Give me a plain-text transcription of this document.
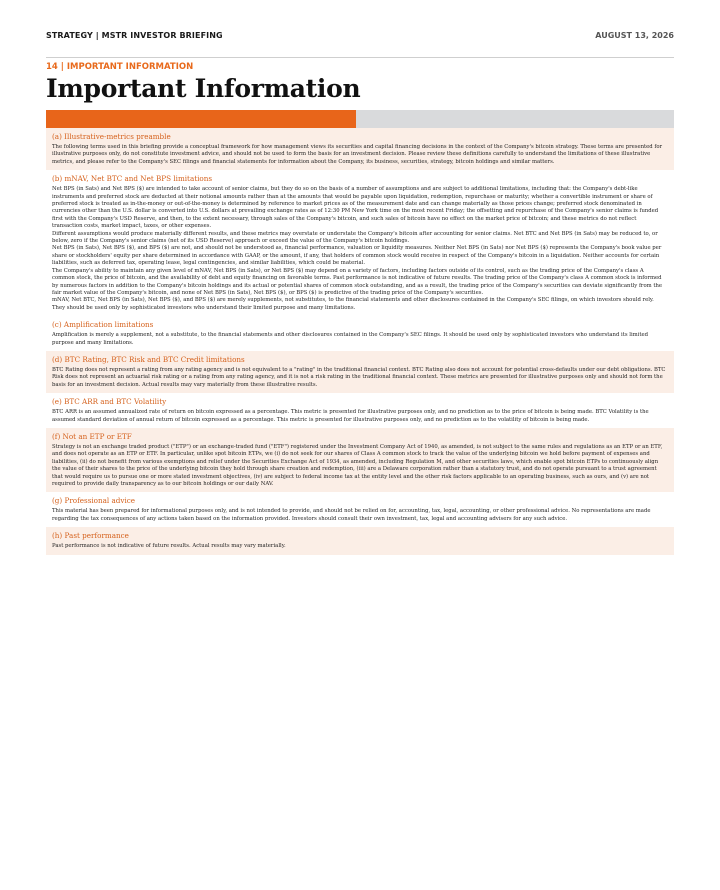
STRATEGY | MSTR INVESTOR BRIEFING	AUGUST 13, 2026
14 | IMPORTANT INFORMATION
Important Information
(a) Illustrative-metrics preamble

The following terms used in this briefing provide a conceptual framework for how management views its securities and capital financing decisions in the context of the Company's bitcoin strategy. These terms are presented for illustrative purposes only, do not constitute investment advice, and should not be used to form the basis for an investment decision. Please review these definitions carefully to understand the limitations of these illustrative metrics, and please refer to the Company's SEC filings and financial statements for information about the Company, its business, securities, strategy, bitcoin holdings and similar matters.

(b) mNAV, Net BTC and Net BPS limitations

Net BPS (in Sats) and Net BPS ($) are intended to take account of senior claims, but they do so on the basis of a number of assumptions and are subject to additional limitations, including that: the Company's debt-like instruments and preferred stock are deducted at their notional amounts rather than at the amounts that would be payable upon liquidation, redemption, repurchase or maturity; whether a convertible instrument or share of preferred stock is treated as in-the-money or out-of-the-money is determined by reference to market prices as of the measurement date and can change materially as those prices change; preferred stock denominated in currencies other than the U.S. dollar is converted into U.S. dollars at prevailing exchange rates as of 12:30 PM New York time on the most recent Friday; the offsetting and repurchase of the Company's senior claims is funded first with the Company's USD Reserve, and then, to the extent necessary, through sales of the Company's bitcoin, and such sales of bitcoin have no effect on the market price of bitcoin; and these metrics do not reflect transaction costs, market impact, taxes, or other expenses.

Different assumptions would produce materially different results, and these metrics may overstate or understate the Company's bitcoin after accounting for senior claims. Net BTC and Net BPS (in Sats) may be reduced to, or below, zero if the Company's senior claims (net of its USD Reserve) approach or exceed the value of the Company's bitcoin holdings.

Net BPS (in Sats), Net BPS ($), and BPS ($) are not, and should not be understood as, financial performance, valuation or liquidity measures. Neither Net BPS (in Sats) nor Net BPS ($) represents the Company's book value per share or stockholders' equity per share determined in accordance with GAAP, or the amount, if any, that holders of common stock would receive in respect of the Company's bitcoin in a liquidation. Neither accounts for certain liabilities, such as deferred tax, operating lease, legal contingencies, and similar liabilities, which could be material.

The Company's ability to maintain any given level of mNAV, Net BPS (in Sats), or Net BPS ($) may depend on a variety of factors, including factors outside of its control, such as the trading price of the Company's class A common stock, the price of bitcoin, and the availability of debt and equity financing on favorable terms. Past performance is not indicative of future results. The trading price of the Company's class A common stock is informed by numerous factors in addition to the Company's bitcoin holdings and its actual or potential shares of common stock outstanding, and as a result, the trading price of the Company's securities can deviate significantly from the fair market value of the Company's bitcoin, and none of Net BPS (in Sats), Net BPS ($), or BPS ($) is predictive of the trading price of the Company's securities.

mNAV, Net BTC, Net BPS (in Sats), Net BPS ($), and BPS ($) are merely supplements, not substitutes, to the financial statements and other disclosures contained in the Company's SEC filings, on which investors should rely. They should be used only by sophisticated investors who understand their limited purpose and many limitations.

(c) Amplification limitations

Amplification is merely a supplement, not a substitute, to the financial statements and other disclosures contained in the Company's SEC filings. It should be used only by sophisticated investors who understand its limited purpose and many limitations.

(d) BTC Rating, BTC Risk and BTC Credit limitations

BTC Rating does not represent a rating from any rating agency and is not equivalent to a "rating" in the traditional financial context. BTC Rating also does not account for potential cross-defaults under our debt obligations. BTC Risk does not represent an actuarial risk rating or a rating from any rating agency, and it is not a risk rating in the traditional financial context. These metrics are presented for illustrative purposes only and should not form the basis for an investment decision. Actual results may vary materially from these illustrative results.

(e) BTC ARR and BTC Volatility

BTC ARR is an assumed annualized rate of return on bitcoin expressed as a percentage. This metric is presented for illustrative purposes only, and no prediction as to the price of bitcoin is being made. BTC Volatility is the assumed standard deviation of annual return of bitcoin expressed as a percentage. This metric is presented for illustrative purposes only, and no prediction as to the volatility of bitcoin is being made.

(f) Not an ETP or ETF

Strategy is not an exchange traded product ("ETP") or an exchange-traded fund ("ETF") registered under the Investment Company Act of 1940, as amended, is not subject to the same rules and regulations as an ETP or an ETF, and does not operate as an ETP or ETF. In particular, unlike spot bitcoin ETPs, we (i) do not seek for our shares of Class A common stock to track the value of the underlying bitcoin we hold before payment of expenses and liabilities, (ii) do not benefit from various exemptions and relief under the Securities Exchange Act of 1934, as amended, including Regulation M, and other securities laws, which enable spot bitcoin ETPs to continuously align the value of their shares to the price of the underlying bitcoin they hold through share creation and redemption, (iii) are a Delaware corporation rather than a statutory trust, and do not operate pursuant to a trust agreement that would require us to pursue one or more stated investment objectives, (iv) are subject to federal income tax at the entity level and the other risk factors applicable to an operating business, such as ours, and (v) are not required to provide daily transparency as to our bitcoin holdings or our daily NAV.

(g) Professional advice

This material has been prepared for informational purposes only, and is not intended to provide, and should not be relied on for, accounting, tax, legal, accounting, or other professional advice. No representations are made regarding the tax consequences of any actions taken based on the information provided. Investors should consult their own investment, tax, legal and accounting advisers for any such advice.

(h) Past performance

Past performance is not indicative of future results. Actual results may vary materially.
